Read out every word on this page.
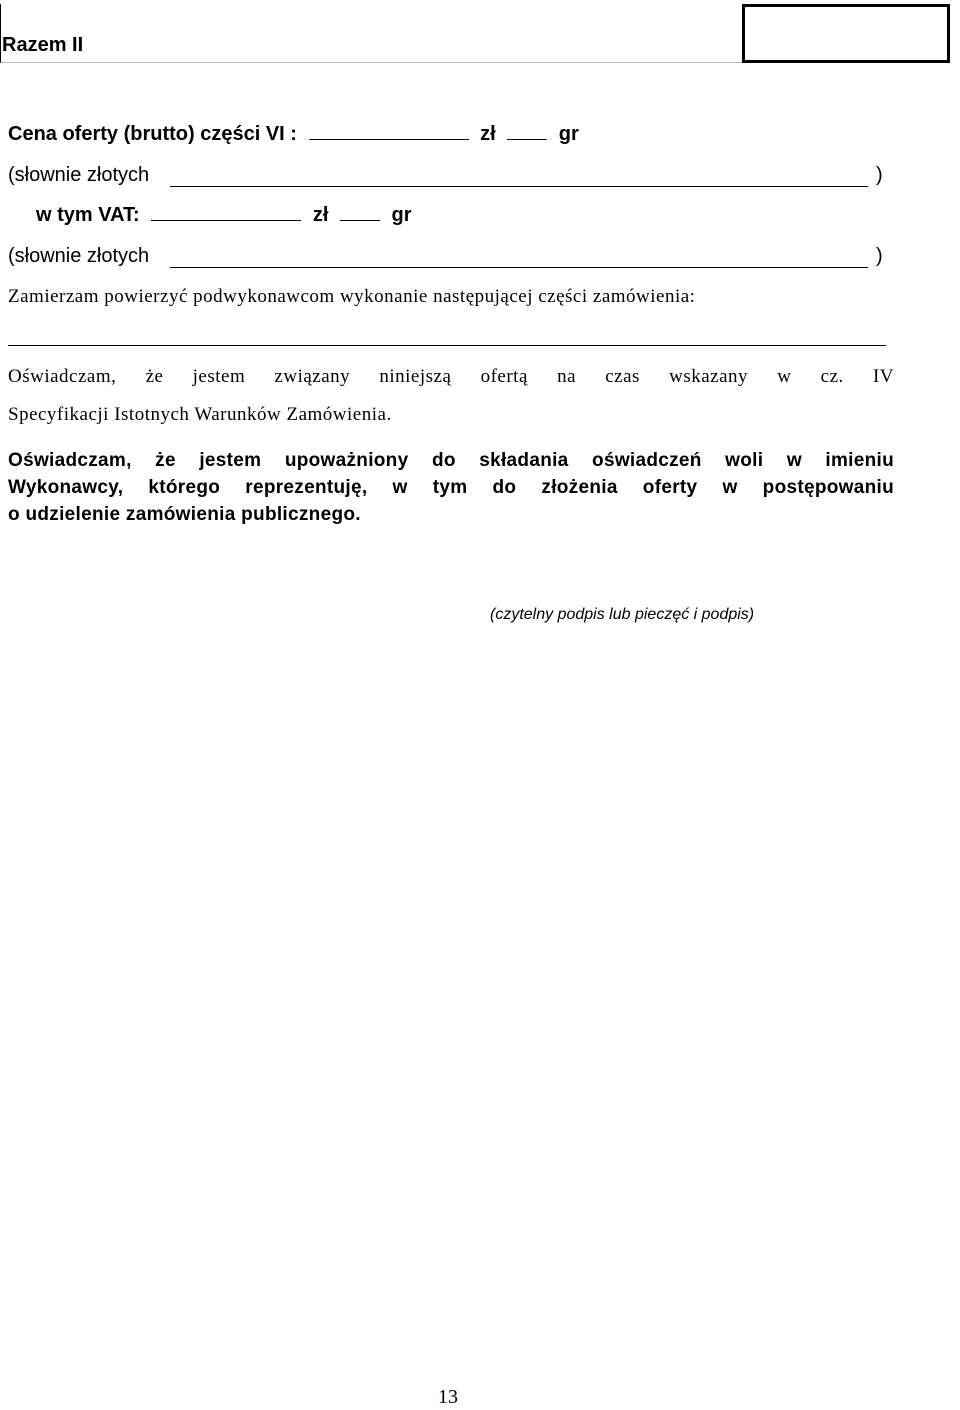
Razem II
Cena oferty (brutto) części VI :	zł	gr
(słownie złotych	)
w tym VAT:	zł	gr
(słownie złotych	)
Zamierzam powierzyć podwykonawcom wykonanie następującej części zamówienia:
Oświadczam, że jestem związany niniejszą ofertą na czas wskazany w cz. IV
Specyfikacji Istotnych Warunków Zamówienia.
Oświadczam, że jestem upoważniony do składania oświadczeń woli w imieniu
Wykonawcy, którego reprezentuję, w tym do złożenia oferty w postępowaniu
o udzielenie zamówienia publicznego.
(czytelny podpis lub pieczęć i podpis)
13
